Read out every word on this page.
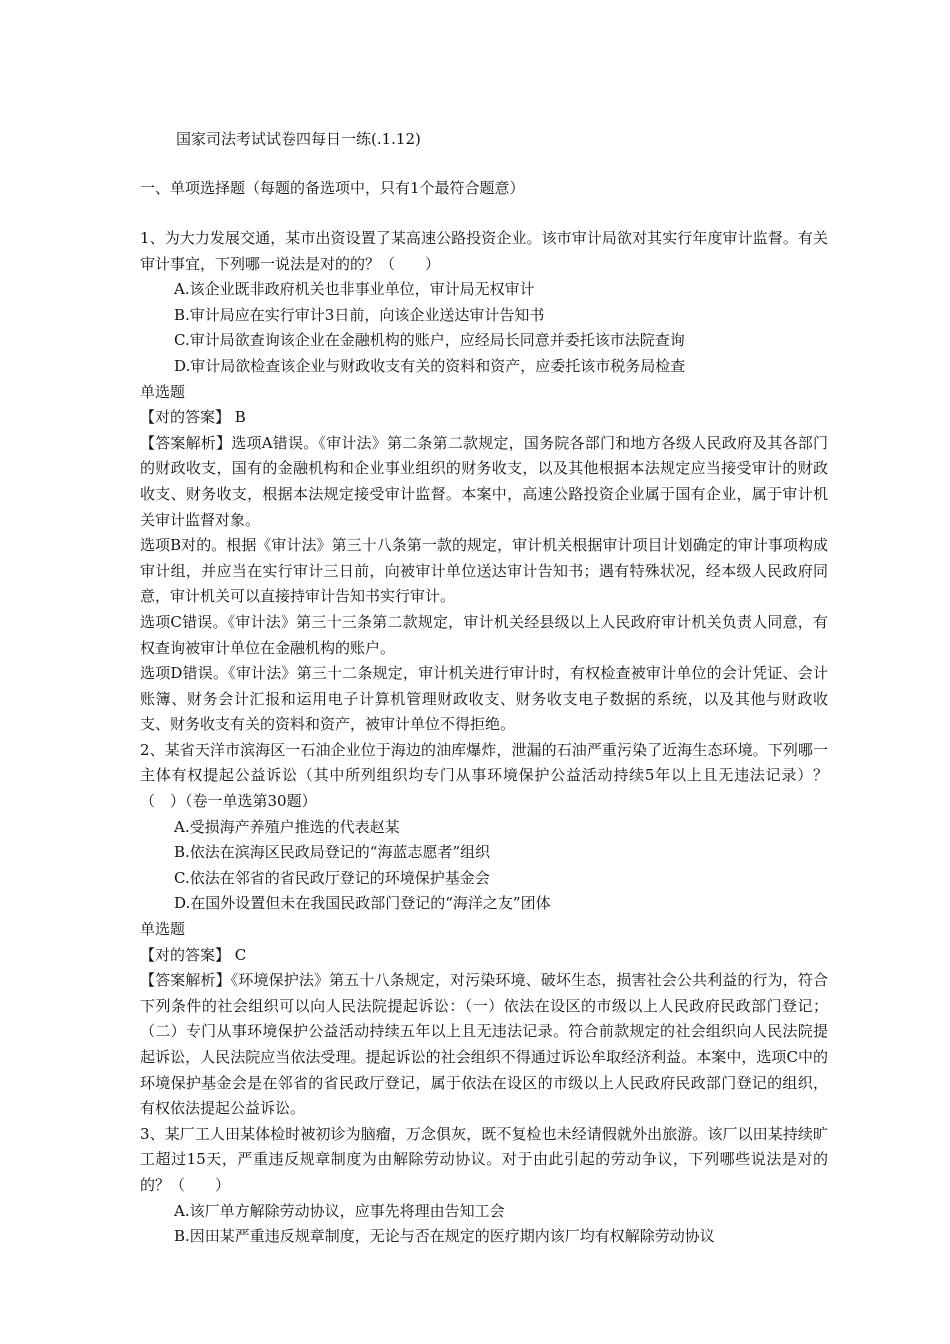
国家司法考试试卷四每日一练(.1.12)
一、单项选择题（每题的备选项中，只有1个最符合题意）
1、为大力发展交通，某市出资设置了某高速公路投资企业。该市审计局欲对其实行年度审计监督。有关审计事宜，下列哪一说法是对的的？（　　）
A.该企业既非政府机关也非事业单位，审计局无权审计
B.审计局应在实行审计3日前，向该企业送达审计告知书
C.审计局欲查询该企业在金融机构的账户，应经局长同意并委托该市法院查询
D.审计局欲检查该企业与财政收支有关的资料和资产，应委托该市税务局检查
单选题
【对的答案】 B
【答案解析】选项A错误。《审计法》第二条第二款规定，国务院各部门和地方各级人民政府及其各部门的财政收支，国有的金融机构和企业事业组织的财务收支，以及其他根据本法规定应当接受审计的财政收支、财务收支，根据本法规定接受审计监督。本案中，高速公路投资企业属于国有企业，属于审计机关审计监督对象。
选项B对的。根据《审计法》第三十八条第一款的规定，审计机关根据审计项目计划确定的审计事项构成审计组，并应当在实行审计三日前，向被审计单位送达审计告知书；遇有特殊状况，经本级人民政府同意，审计机关可以直接持审计告知书实行审计。
选项C错误。《审计法》第三十三条第二款规定，审计机关经县级以上人民政府审计机关负责人同意，有权查询被审计单位在金融机构的账户。
选项D错误。《审计法》第三十二条规定，审计机关进行审计时，有权检查被审计单位的会计凭证、会计账簿、财务会计汇报和运用电子计算机管理财政收支、财务收支电子数据的系统，以及其他与财政收支、财务收支有关的资料和资产，被审计单位不得拒绝。
2、某省天洋市滨海区一石油企业位于海边的油库爆炸，泄漏的石油严重污染了近海生态环境。下列哪一主体有权提起公益诉讼（其中所列组织均专门从事环境保护公益活动持续5年以上且无违法记录）？（　）（卷一单选第30题）
A.受损海产养殖户推选的代表赵某
B.依法在滨海区民政局登记的“海蓝志愿者”组织
C.依法在邻省的省民政厅登记的环境保护基金会
D.在国外设置但未在我国民政部门登记的“海洋之友”团体
单选题
【对的答案】 C
【答案解析】《环境保护法》第五十八条规定，对污染环境、破坏生态，损害社会公共利益的行为，符合下列条件的社会组织可以向人民法院提起诉讼：（一）依法在设区的市级以上人民政府民政部门登记；（二）专门从事环境保护公益活动持续五年以上且无违法记录。符合前款规定的社会组织向人民法院提起诉讼，人民法院应当依法受理。提起诉讼的社会组织不得通过诉讼牟取经济利益。本案中，选项C中的环境保护基金会是在邻省的省民政厅登记，属于依法在设区的市级以上人民政府民政部门登记的组织，有权依法提起公益诉讼。
3、某厂工人田某体检时被初诊为脑瘤，万念俱灰，既不复检也未经请假就外出旅游。该厂以田某持续旷工超过15天，严重违反规章制度为由解除劳动协议。对于由此引起的劳动争议，下列哪些说法是对的的？（　　）
A.该厂单方解除劳动协议，应事先将理由告知工会
B.因田某严重违反规章制度，无论与否在规定的医疗期内该厂均有权解除劳动协议
